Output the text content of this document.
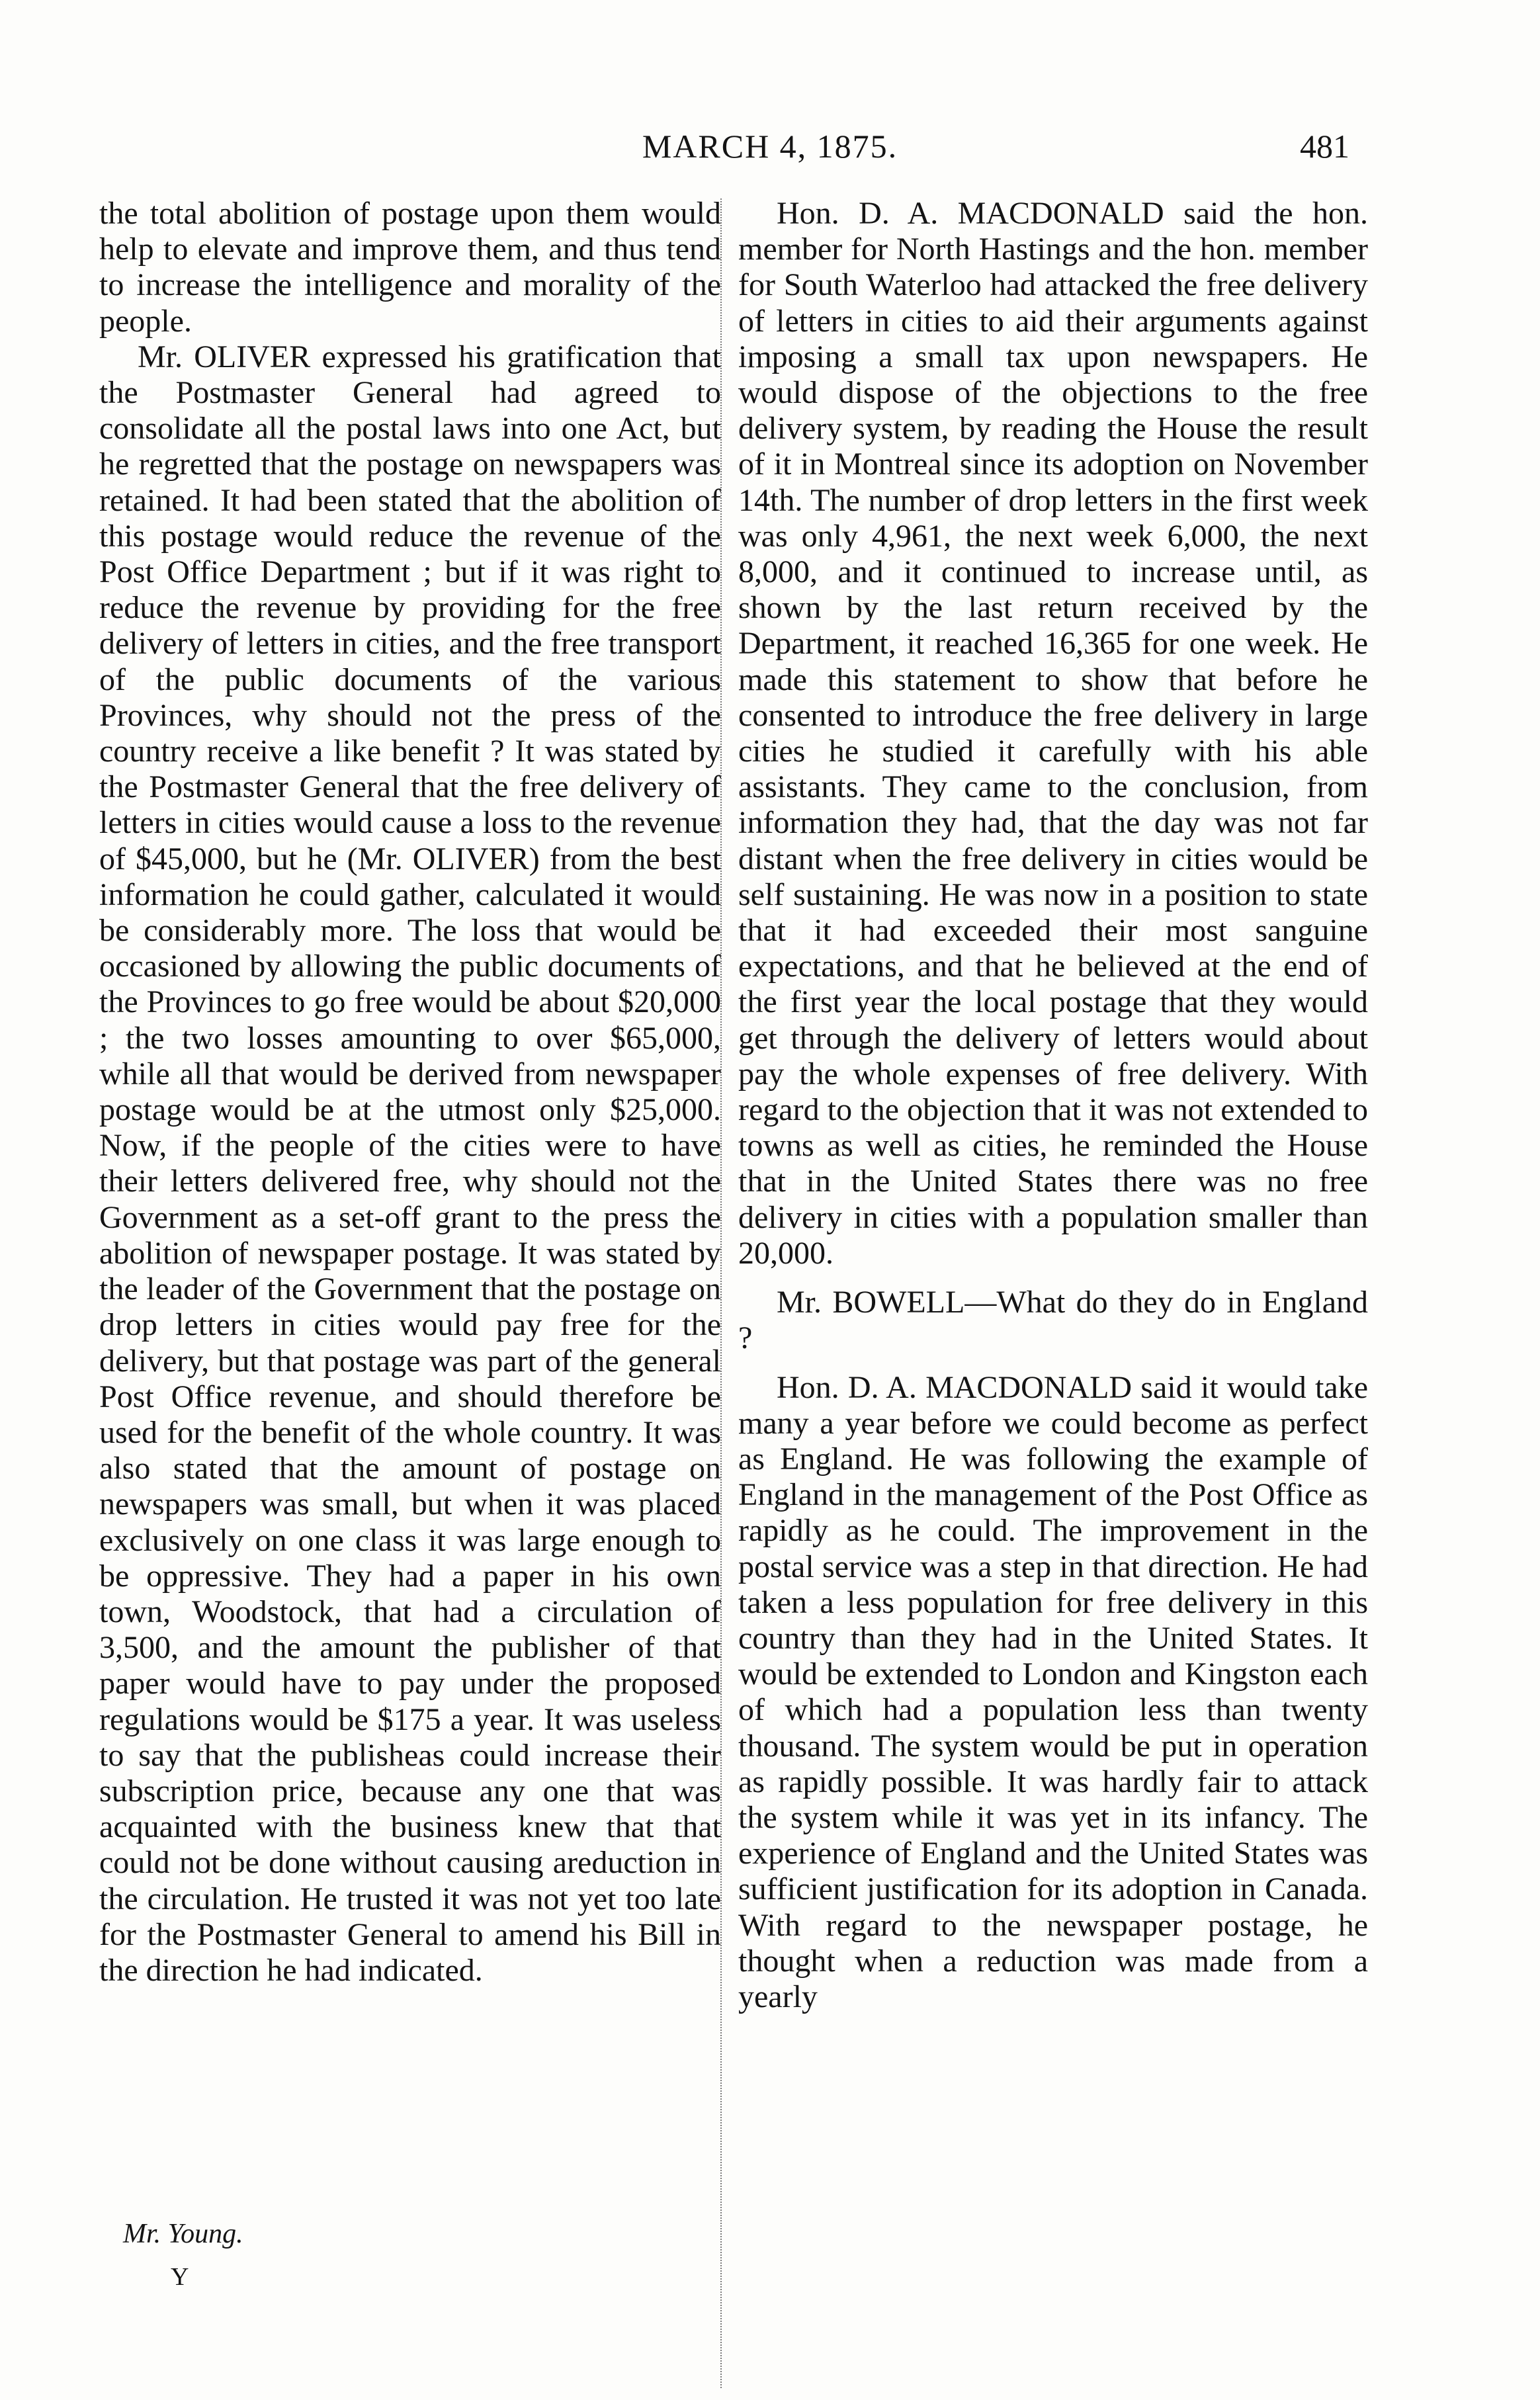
MARCH 4, 1875.	481

the total abolition of postage upon them would help to elevate and improve them, and thus tend to increase the intelligence and morality of the people.

Mr. OLIVER expressed his gratification that the Postmaster General had agreed to consolidate all the postal laws into one Act, but he regretted that the postage on newspapers was retained. It had been stated that the abolition of this postage would reduce the revenue of the Post Office Department ; but if it was right to reduce the revenue by providing for the free delivery of letters in cities, and the free transport of the public documents of the various Provinces, why should not the press of the country receive a like benefit ? It was stated by the Postmaster General that the free delivery of letters in cities would cause a loss to the revenue of $45,000, but he (Mr. OLIVER) from the best information he could gather, calculated it would be considerably more. The loss that would be occasioned by allowing the public documents of the Provinces to go free would be about $20,000 ; the two losses amounting to over $65,000, while all that would be derived from newspaper postage would be at the utmost only $25,000. Now, if the people of the cities were to have their letters delivered free, why should not the Government as a set-off grant to the press the abolition of newspaper postage. It was stated by the leader of the Government that the postage on drop letters in cities would pay free for the delivery, but that postage was part of the general Post Office revenue, and should therefore be used for the benefit of the whole country. It was also stated that the amount of postage on newspapers was small, but when it was placed exclusively on one class it was large enough to be oppressive. They had a paper in his own town, Woodstock, that had a circulation of 3,500, and the amount the publisher of that paper would have to pay under the proposed regulations would be $175 a year. It was useless to say that the publisheas could increase their subscription price, because any one that was acquainted with the business knew that that could not be done without causing areduction in the circulation. He trusted it was not yet too late for the Postmaster General to amend his Bill in the direction he had indicated.

Hon. D. A. MACDONALD said the hon. member for North Hastings and the hon. member for South Waterloo had attacked the free delivery of letters in cities to aid their arguments against imposing a small tax upon newspapers. He would dispose of the objections to the free delivery system, by reading the House the result of it in Montreal since its adoption on November 14th. The number of drop letters in the first week was only 4,961, the next week 6,000, the next 8,000, and it continued to increase until, as shown by the last return received by the Department, it reached 16,365 for one week. He made this statement to show that before he consented to introduce the free delivery in large cities he studied it carefully with his able assistants. They came to the conclusion, from information they had, that the day was not far distant when the free delivery in cities would be self sustaining. He was now in a position to state that it had exceeded their most sanguine expectations, and that he believed at the end of the first year the local postage that they would get through the delivery of letters would about pay the whole expenses of free delivery. With regard to the objection that it was not extended to towns as well as cities, he reminded the House that in the United States there was no free delivery in cities with a population smaller than 20,000.

Mr. BOWELL—What do they do in England ?

Hon. D. A. MACDONALD said it would take many a year before we could become as perfect as England. He was following the example of England in the management of the Post Office as rapidly as he could. The improvement in the postal service was a step in that direction. He had taken a less population for free delivery in this country than they had in the United States. It would be extended to London and Kingston each of which had a population less than twenty thousand. The system would be put in operation as rapidly possible. It was hardly fair to attack the system while it was yet in its infancy. The experience of England and the United States was sufficient justification for its adoption in Canada. With regard to the newspaper postage, he thought when a reduction was made from a yearly

Mr. Young.
Y
